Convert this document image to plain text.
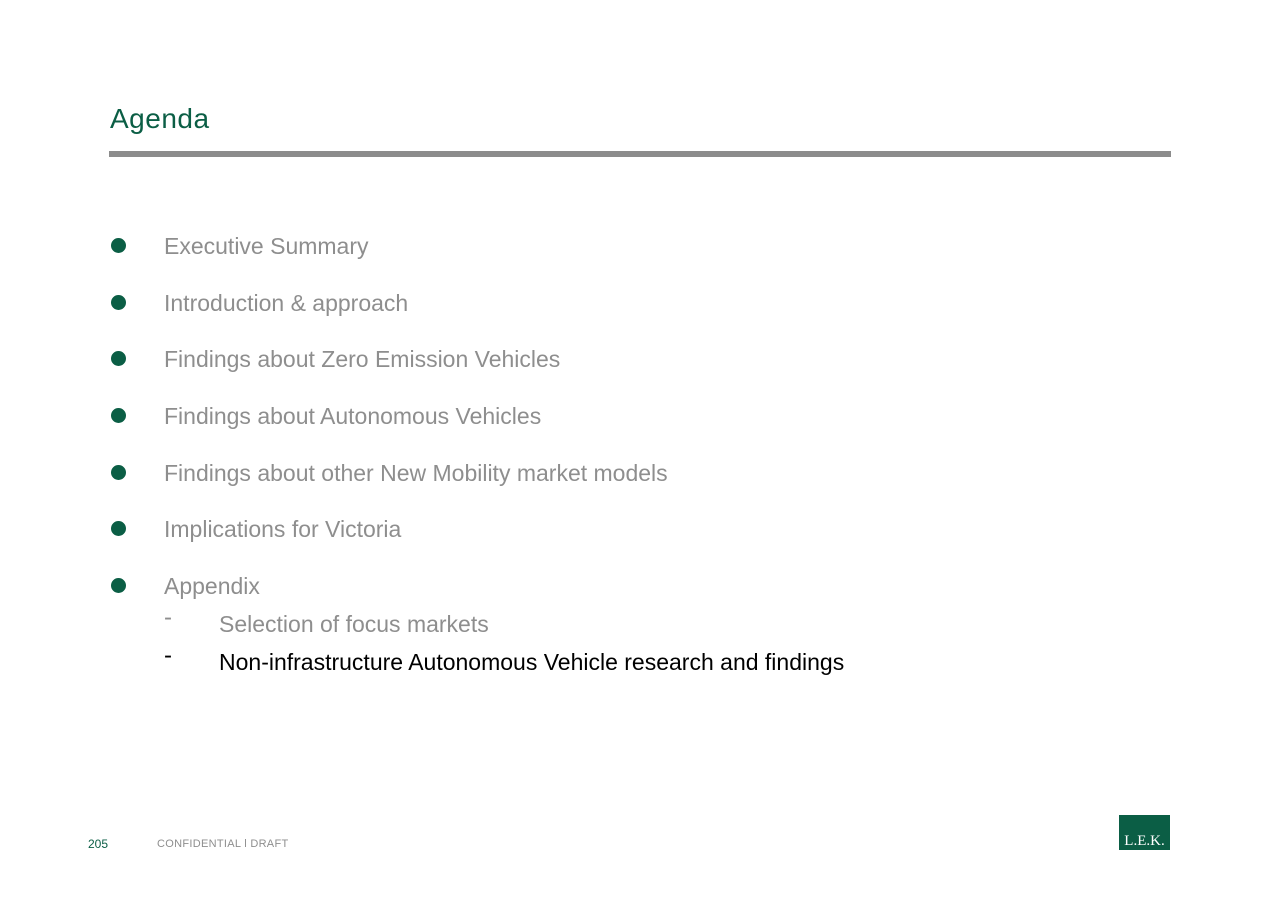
Agenda
Executive Summary
Introduction & approach
Findings about Zero Emission Vehicles
Findings about Autonomous Vehicles
Findings about other New Mobility market models
Implications for Victoria
Appendix
- Selection of focus markets
- Non-infrastructure Autonomous Vehicle research and findings
205	CONFIDENTIAL l DRAFT	L.E.K.
